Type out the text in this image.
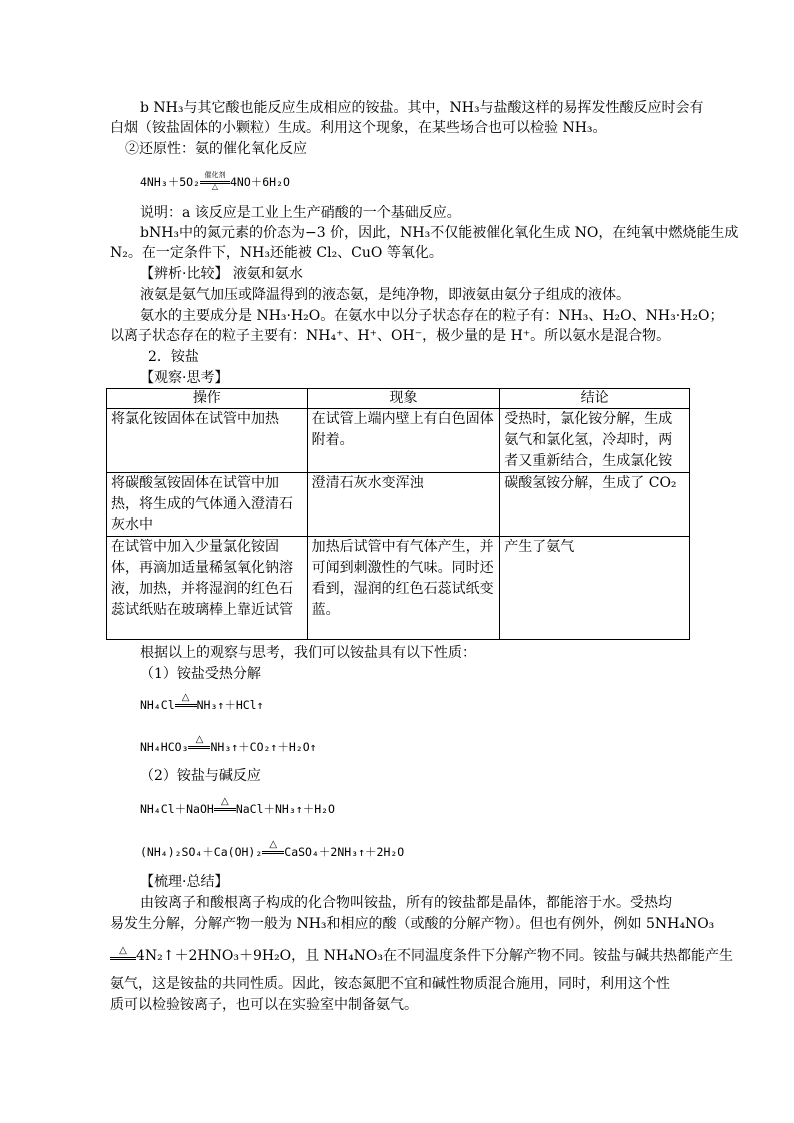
b NH₃与其它酸也能反应生成相应的铵盐。其中，NH₃与盐酸这样的易挥发性酸反应时会有
白烟（铵盐固体的小颗粒）生成。利用这个现象，在某些场合也可以检验 NH₃。
②还原性：氨的催化氧化反应
4NH₃＋5O₂ 催化剂
△	4NO＋6H₂O
说明：a 该反应是工业上生产硝酸的一个基础反应。
bNH₃中的氮元素的价态为−3 价，因此，NH₃不仅能被催化氧化生成 NO，在纯氧中燃烧能生成
N₂。在一定条件下，NH₃还能被 Cl₂、CuO 等氧化。
【辨析·比较】 液氨和氨水
液氨是氨气加压或降温得到的液态氨，是纯净物，即液氨由氨分子组成的液体。
氨水的主要成分是 NH₃·H₂O。在氨水中以分子状态存在的粒子有：NH₃、H₂O、NH₃·H₂O；
以离子状态存在的粒子主要有：NH₄⁺、H⁺、OH⁻，极少量的是 H⁺。所以氨水是混合物。
2．铵盐
【观察·思考】
操作	现象	结论
将氯化铵固体在试管中加热	在试管上端内壁上有白色固体附着。	受热时，氯化铵分解，生成氨气和氯化氢，冷却时，两者又重新结合，生成氯化铵
将碳酸氢铵固体在试管中加热，将生成的气体通入澄清石灰水中	澄清石灰水变浑浊	碳酸氢铵分解，生成了 CO₂
在试管中加入少量氯化铵固体，再滴加适量稀氢氧化钠溶液，加热，并将湿润的红色石蕊试纸贴在玻璃棒上靠近试管	加热后试管中有气体产生，并可闻到刺激性的气味。同时还看到，湿润的红色石蕊试纸变蓝。	产生了氨气
根据以上的观察与思考，我们可以铵盐具有以下性质：
（1）铵盐受热分解
NH₄Cl
△
NH₃↑＋HCl↑
NH₄HCO₃
△
NH₃↑＋CO₂↑＋H₂O↑
（2）铵盐与碱反应
NH₄Cl＋NaOH
△
NaCl＋NH₃↑＋H₂O
(NH₄)₂SO₄＋Ca(OH)₂
△
CaSO₄＋2NH₃↑＋2H₂O
【梳理·总结】
由铵离子和酸根离子构成的化合物叫铵盐，所有的铵盐都是晶体，都能溶于水。受热均
易发生分解，分解产物一般为 NH₃和相应的酸（或酸的分解产物）。但也有例外，例如 5NH₄NO₃
△ 4N₂↑＋2HNO₃＋9H₂O，且 NH₄NO₃在不同温度条件下分解产物不同。铵盐与碱共热都能产生
氨气，这是铵盐的共同性质。因此，铵态氮肥不宜和碱性物质混合施用，同时，利用这个性
质可以检验铵离子，也可以在实验室中制备氨气。
